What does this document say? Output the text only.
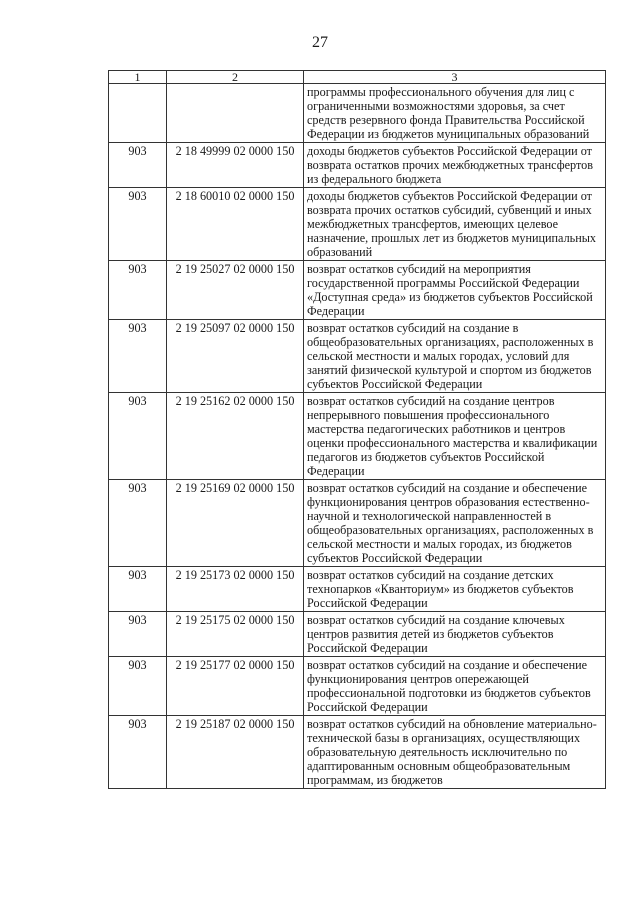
27
1	2	3
		программы профессионального обучения для лиц с ограниченными возможностями здоровья, за счет средств резервного фонда Правительства Российской Федерации из бюджетов муниципальных образований
903	2 18 49999 02 0000 150	доходы бюджетов субъектов Российской Федерации от возврата остатков прочих межбюджетных трансфертов из федерального бюджета
903	2 18 60010 02 0000 150	доходы бюджетов субъектов Российской Федерации от возврата прочих остатков субсидий, субвенций и иных межбюджетных трансфертов, имеющих целевое назначение, прошлых лет из бюджетов муниципальных образований
903	2 19 25027 02 0000 150	возврат остатков субсидий на мероприятия государственной программы Российской Федерации «Доступная среда» из бюджетов субъектов Российской Федерации
903	2 19 25097 02 0000 150	возврат остатков субсидий на создание в общеобразовательных организациях, расположенных в сельской местности и малых городах, условий для занятий физической культурой и спортом из бюджетов субъектов Российской Федерации
903	2 19 25162 02 0000 150	возврат остатков субсидий на создание центров непрерывного повышения профессионального мастерства педагогических работников и центров оценки профессионального мастерства и квалификации педагогов из бюджетов субъектов Российской Федерации
903	2 19 25169 02 0000 150	возврат остатков субсидий на создание и обеспечение функционирования центров образования естественно-научной и технологической направленностей в общеобразовательных организациях, расположенных в сельской местности и малых городах, из бюджетов субъектов Российской Федерации
903	2 19 25173 02 0000 150	возврат остатков субсидий на создание детских технопарков «Кванториум» из бюджетов субъектов Российской Федерации
903	2 19 25175 02 0000 150	возврат остатков субсидий на создание ключевых центров развития детей из бюджетов субъектов Российской Федерации
903	2 19 25177 02 0000 150	возврат остатков субсидий на создание и обеспечение функционирования центров опережающей профессиональной подготовки из бюджетов субъектов Российской Федерации
903	2 19 25187 02 0000 150	возврат остатков субсидий на обновление материально-технической базы в организациях, осуществляющих образовательную деятельность исключительно по адаптированным основным общеобразовательным программам, из бюджетов
